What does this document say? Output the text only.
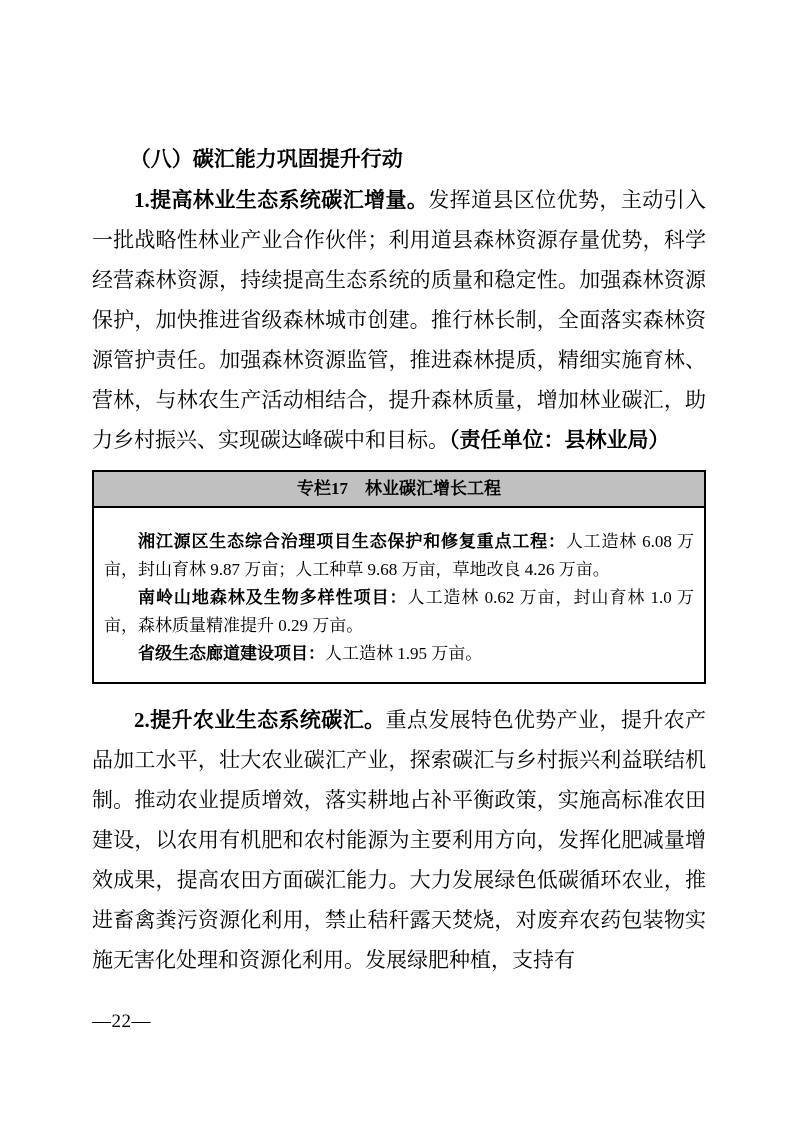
（八）碳汇能力巩固提升行动

1.提高林业生态系统碳汇增量。发挥道县区位优势，主动引入一批战略性林业产业合作伙伴；利用道县森林资源存量优势，科学经营森林资源，持续提高生态系统的质量和稳定性。加强森林资源保护，加快推进省级森林城市创建。推行林长制，全面落实森林资源管护责任。加强森林资源监管，推进森林提质，精细实施育林、营林，与林农生产活动相结合，提升森林质量，增加林业碳汇，助力乡村振兴、实现碳达峰碳中和目标。（责任单位：县林业局）

专栏17　林业碳汇增长工程

湘江源区生态综合治理项目生态保护和修复重点工程：人工造林 6.08 万亩，封山育林 9.87 万亩；人工种草 9.68 万亩，草地改良 4.26 万亩。

南岭山地森林及生物多样性项目：人工造林 0.62 万亩，封山育林 1.0 万亩，森林质量精准提升 0.29 万亩。

省级生态廊道建设项目：人工造林 1.95 万亩。

2.提升农业生态系统碳汇。重点发展特色优势产业，提升农产品加工水平，壮大农业碳汇产业，探索碳汇与乡村振兴利益联结机制。推动农业提质增效，落实耕地占补平衡政策，实施高标准农田建设，以农用有机肥和农村能源为主要利用方向，发挥化肥减量增效成果，提高农田方面碳汇能力。大力发展绿色低碳循环农业，推进畜禽粪污资源化利用，禁止秸秆露天焚烧，对废弃农药包装物实施无害化处理和资源化利用。发展绿肥种植，支持有

—22—
